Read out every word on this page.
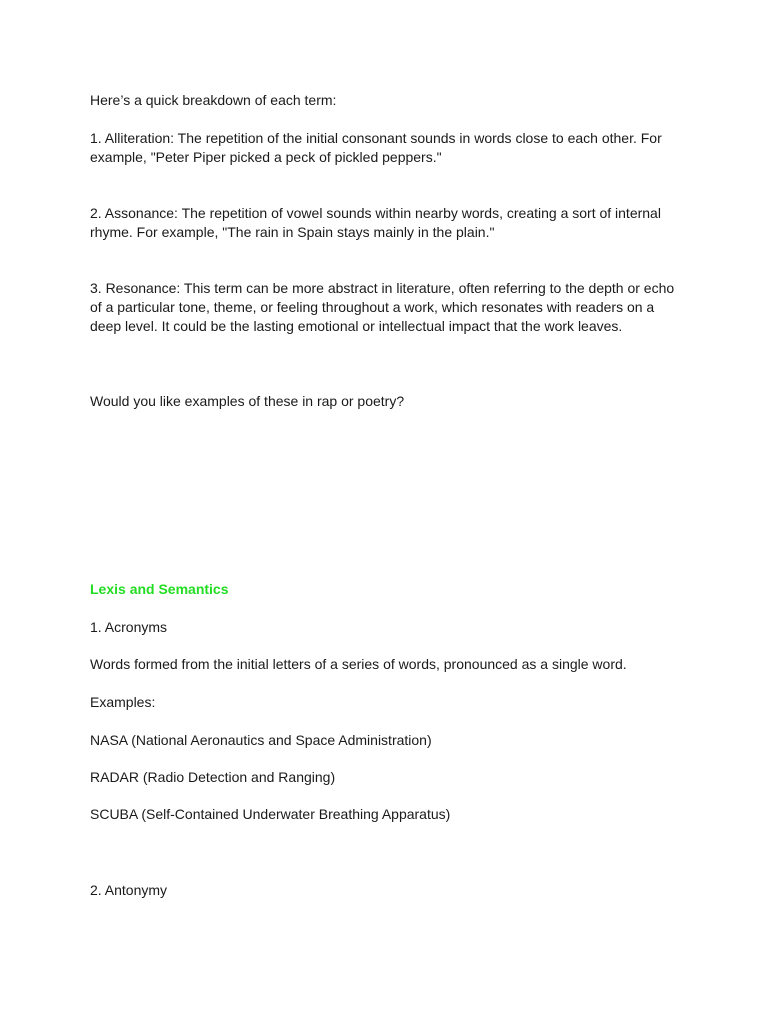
Here’s a quick breakdown of each term:

1. Alliteration: The repetition of the initial consonant sounds in words close to each other. For example, "Peter Piper picked a peck of pickled peppers."

2. Assonance: The repetition of vowel sounds within nearby words, creating a sort of internal rhyme. For example, "The rain in Spain stays mainly in the plain."

3. Resonance: This term can be more abstract in literature, often referring to the depth or echo of a particular tone, theme, or feeling throughout a work, which resonates with readers on a deep level. It could be the lasting emotional or intellectual impact that the work leaves.

Would you like examples of these in rap or poetry?

Lexis and Semantics

1. Acronyms

Words formed from the initial letters of a series of words, pronounced as a single word.

Examples:

NASA (National Aeronautics and Space Administration)

RADAR (Radio Detection and Ranging)

SCUBA (Self-Contained Underwater Breathing Apparatus)

2. Antonymy
